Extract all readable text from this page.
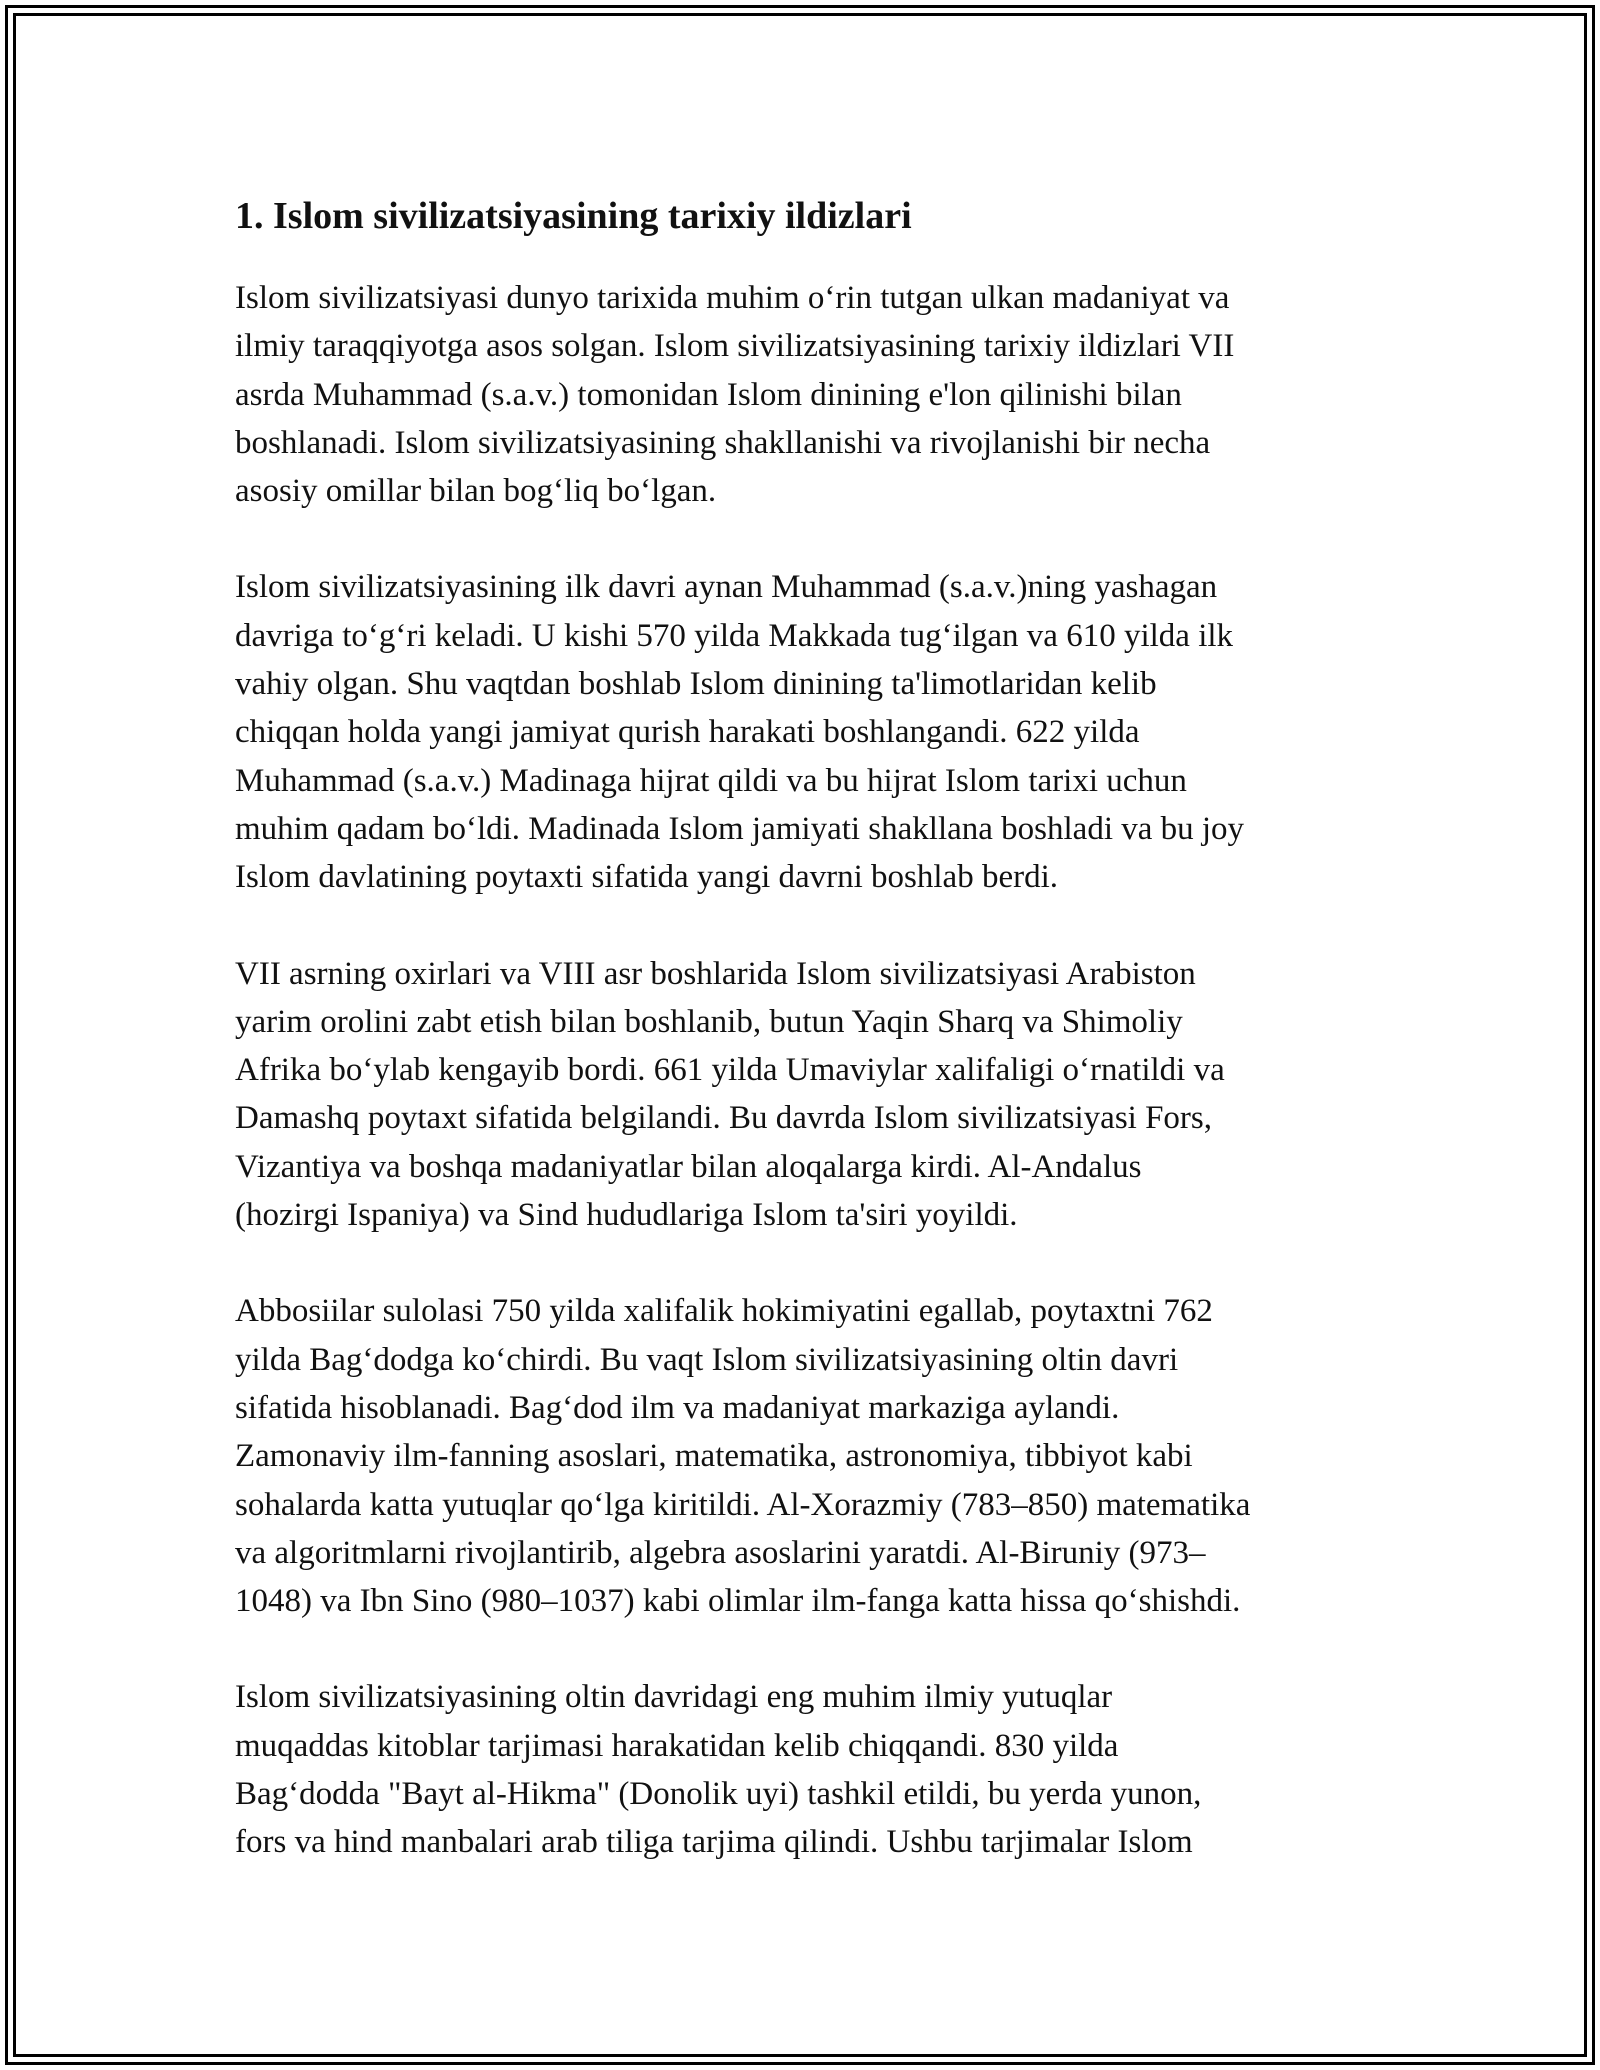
1. Islom sivilizatsiyasining tarixiy ildizlari

Islom sivilizatsiyasi dunyo tarixida muhim o‘rin tutgan ulkan madaniyat va
ilmiy taraqqiyotga asos solgan. Islom sivilizatsiyasining tarixiy ildizlari VII
asrda Muhammad (s.a.v.) tomonidan Islom dinining e'lon qilinishi bilan
boshlanadi. Islom sivilizatsiyasining shakllanishi va rivojlanishi bir necha
asosiy omillar bilan bog‘liq bo‘lgan.

Islom sivilizatsiyasining ilk davri aynan Muhammad (s.a.v.)ning yashagan
davriga to‘g‘ri keladi. U kishi 570 yilda Makkada tug‘ilgan va 610 yilda ilk
vahiy olgan. Shu vaqtdan boshlab Islom dinining ta'limotlaridan kelib
chiqqan holda yangi jamiyat qurish harakati boshlangandi. 622 yilda
Muhammad (s.a.v.) Madinaga hijrat qildi va bu hijrat Islom tarixi uchun
muhim qadam bo‘ldi. Madinada Islom jamiyati shakllana boshladi va bu joy
Islom davlatining poytaxti sifatida yangi davrni boshlab berdi.

VII asrning oxirlari va VIII asr boshlarida Islom sivilizatsiyasi Arabiston
yarim orolini zabt etish bilan boshlanib, butun Yaqin Sharq va Shimoliy
Afrika bo‘ylab kengayib bordi. 661 yilda Umaviylar xalifaligi o‘rnatildi va
Damashq poytaxt sifatida belgilandi. Bu davrda Islom sivilizatsiyasi Fors,
Vizantiya va boshqa madaniyatlar bilan aloqalarga kirdi. Al-Andalus
(hozirgi Ispaniya) va Sind hududlariga Islom ta'siri yoyildi.

Abbosiilar sulolasi 750 yilda xalifalik hokimiyatini egallab, poytaxtni 762
yilda Bag‘dodga ko‘chirdi. Bu vaqt Islom sivilizatsiyasining oltin davri
sifatida hisoblanadi. Bag‘dod ilm va madaniyat markaziga aylandi.
Zamonaviy ilm-fanning asoslari, matematika, astronomiya, tibbiyot kabi
sohalarda katta yutuqlar qo‘lga kiritildi. Al-Xorazmiy (783–850) matematika
va algoritmlarni rivojlantirib, algebra asoslarini yaratdi. Al-Biruniy (973–
1048) va Ibn Sino (980–1037) kabi olimlar ilm-fanga katta hissa qo‘shishdi.

Islom sivilizatsiyasining oltin davridagi eng muhim ilmiy yutuqlar
muqaddas kitoblar tarjimasi harakatidan kelib chiqqandi. 830 yilda
Bag‘dodda "Bayt al-Hikma" (Donolik uyi) tashkil etildi, bu yerda yunon,
fors va hind manbalari arab tiliga tarjima qilindi. Ushbu tarjimalar Islom
